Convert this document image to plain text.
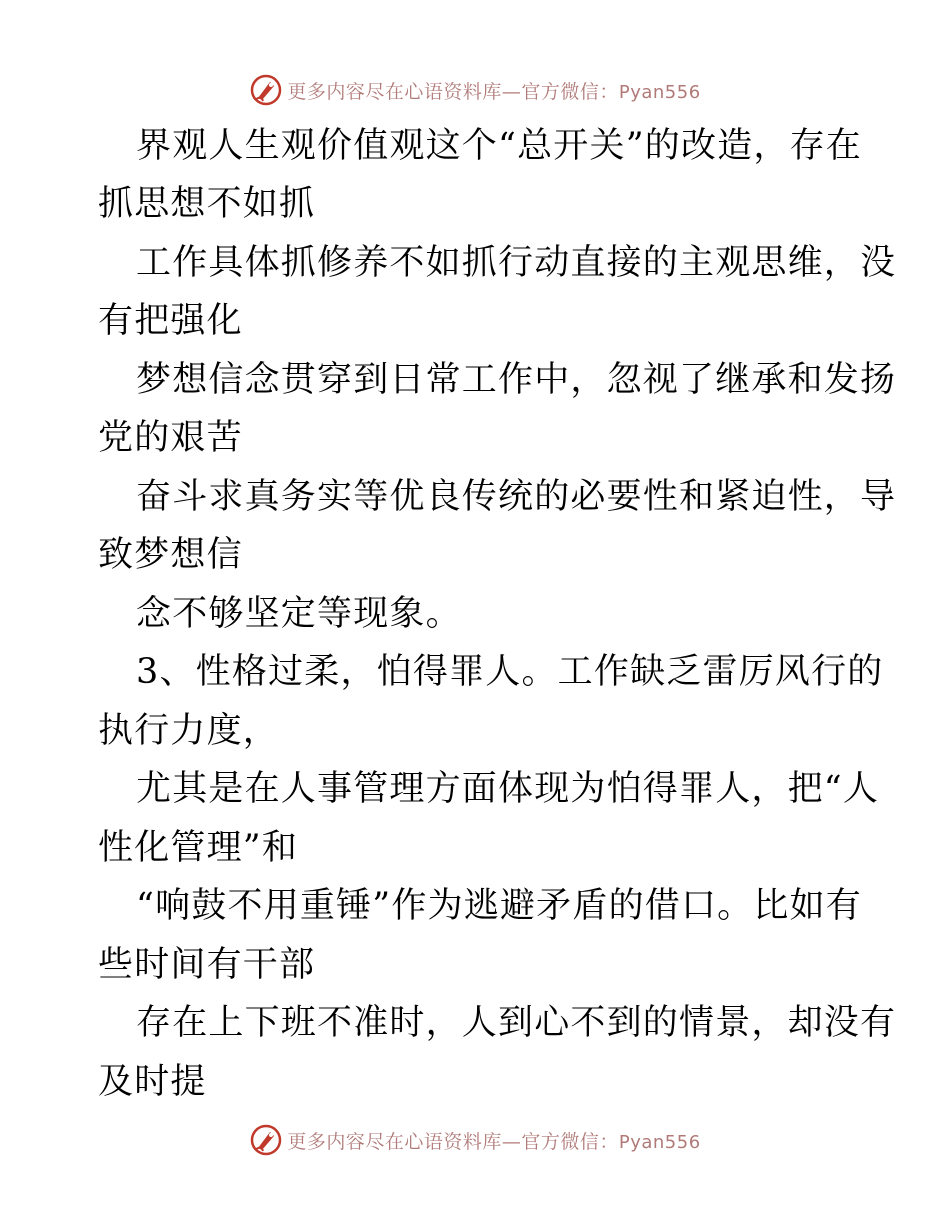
更多内容尽在心语资料库—官方微信：Pyan556
界观人生观价值观这个“总开关”的改造，存在
抓思想不如抓
工作具体抓修养不如抓行动直接的主观思维，没
有把强化
梦想信念贯穿到日常工作中，忽视了继承和发扬
党的艰苦
奋斗求真务实等优良传统的必要性和紧迫性，导
致梦想信
念不够坚定等现象。
3、性格过柔，怕得罪人。工作缺乏雷厉风行的
执行力度，
尤其是在人事管理方面体现为怕得罪人，把“人
性化管理”和
“响鼓不用重锤”作为逃避矛盾的借口。比如有
些时间有干部
存在上下班不准时，人到心不到的情景，却没有
及时提
更多内容尽在心语资料库—官方微信：Pyan556
